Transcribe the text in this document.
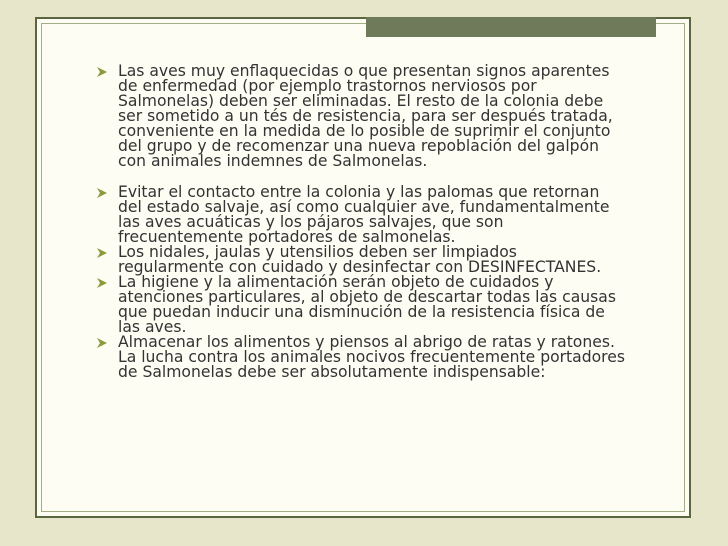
Las aves muy enflaquecidas o que presentan signos aparentes de enfermedad (por ejemplo trastornos nerviosos por Salmonelas) deben ser eliminadas. El resto de la colonia debe ser sometido a un tés de resistencia, para ser después tratada, conveniente en la medida de lo posible de suprimir el conjunto del grupo y de recomenzar una nueva repoblación del galpón con animales indemnes de Salmonelas.
Evitar el contacto entre la colonia y las palomas que retornan del estado salvaje, así como cualquier ave, fundamentalmente las aves acuáticas y los pájaros salvajes, que son frecuentemente portadores de salmonelas.
Los nidales, jaulas y utensilios deben ser limpiados regularmente con cuidado y desinfectar con DESINFECTANES.
La higiene y la alimentación serán objeto de cuidados y atenciones particulares, al objeto de descartar todas las causas que puedan inducir una disminución de la resistencia física de las aves.
Almacenar los alimentos y piensos al abrigo de ratas y ratones. La lucha contra los animales nocivos frecuentemente portadores de Salmonelas debe ser absolutamente indispensable:
